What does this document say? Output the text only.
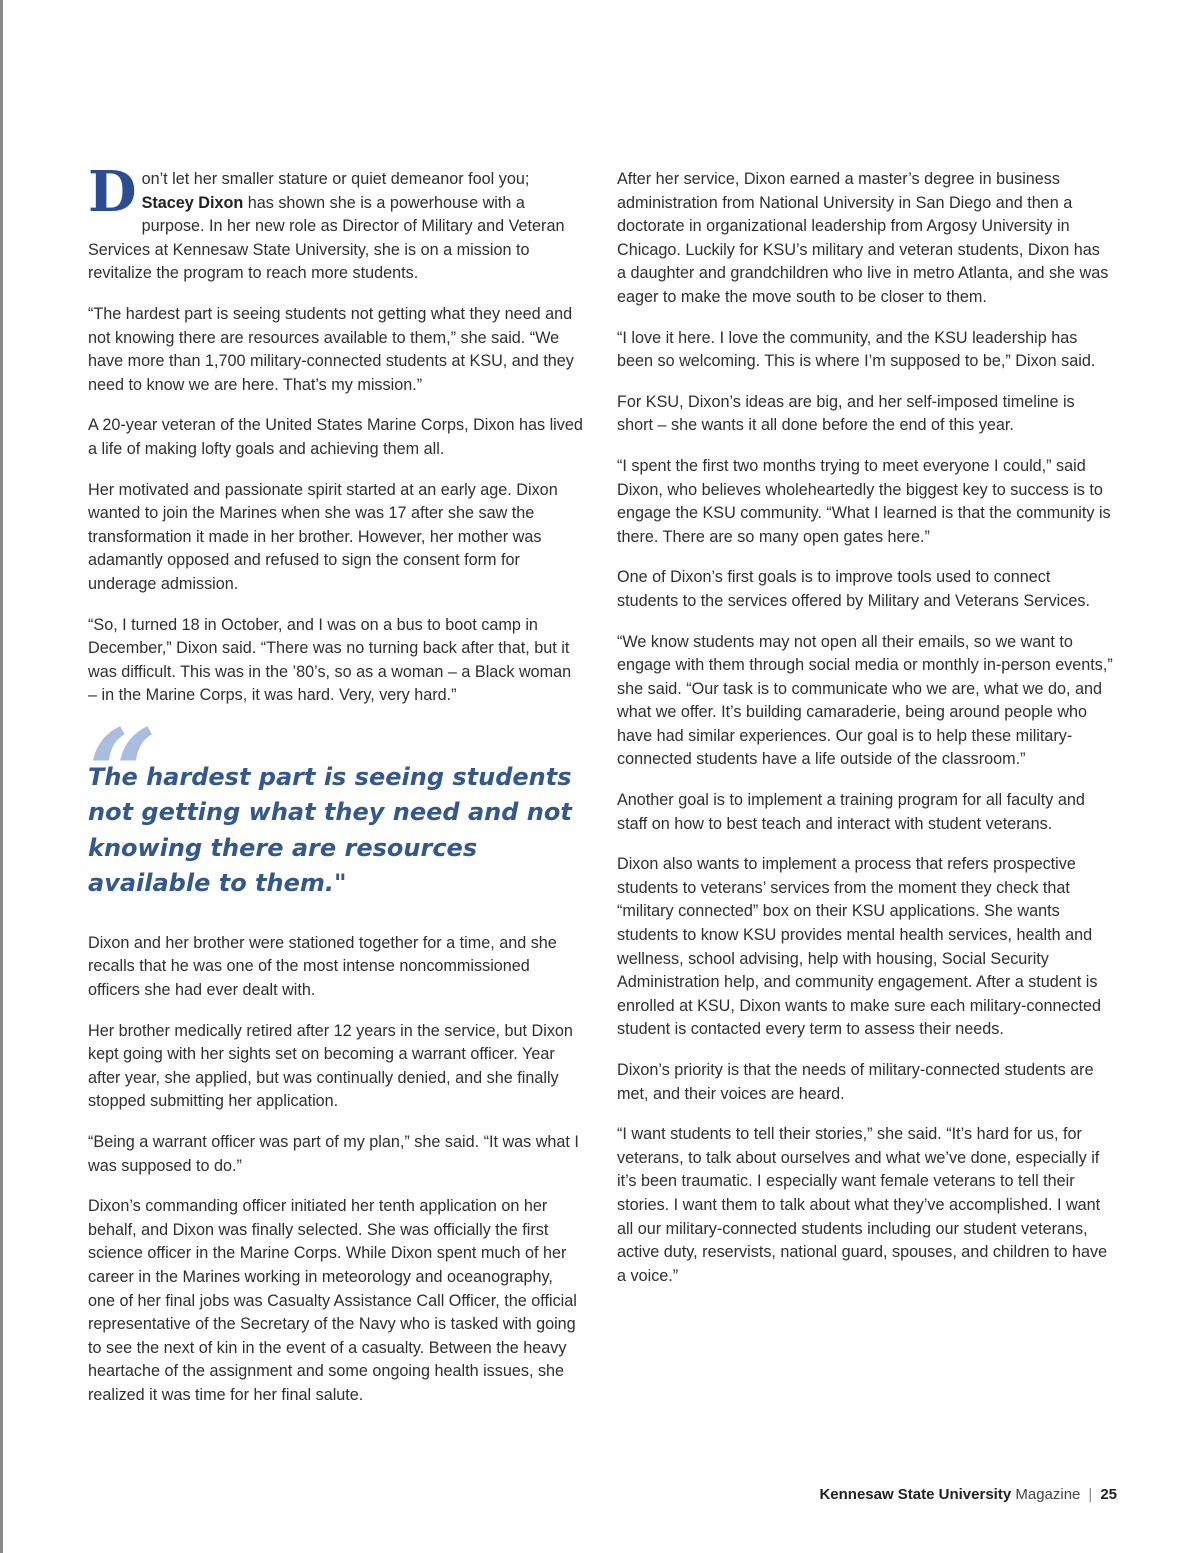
Don’t let her smaller stature or quiet demeanor fool you; Stacey Dixon has shown she is a powerhouse with a purpose. In her new role as Director of Military and Veteran Services at Kennesaw State University, she is on a mission to revitalize the program to reach more students.

“The hardest part is seeing students not getting what they need and not knowing there are resources available to them,” she said. “We have more than 1,700 military-connected students at KSU, and they need to know we are here. That’s my mission.”

A 20-year veteran of the United States Marine Corps, Dixon has lived a life of making lofty goals and achieving them all.

Her motivated and passionate spirit started at an early age. Dixon wanted to join the Marines when she was 17 after she saw the transformation it made in her brother. However, her mother was adamantly opposed and refused to sign the consent form for underage admission.

“So, I turned 18 in October, and I was on a bus to boot camp in December,” Dixon said. “There was no turning back after that, but it was difficult. This was in the ’80’s, so as a woman – a Black woman – in the Marine Corps, it was hard. Very, very hard.”

“

The hardest part is seeing students not getting what they need and not knowing there are resources available to them."

Dixon and her brother were stationed together for a time, and she recalls that he was one of the most intense noncommissioned officers she had ever dealt with.

Her brother medically retired after 12 years in the service, but Dixon kept going with her sights set on becoming a warrant officer. Year after year, she applied, but was continually denied, and she finally stopped submitting her application.

“Being a warrant officer was part of my plan,” she said. “It was what I was supposed to do.”

Dixon’s commanding officer initiated her tenth application on her behalf, and Dixon was finally selected. She was officially the first science officer in the Marine Corps. While Dixon spent much of her career in the Marines working in meteorology and oceanography, one of her final jobs was Casualty Assistance Call Officer, the official representative of the Secretary of the Navy who is tasked with going to see the next of kin in the event of a casualty. Between the heavy heartache of the assignment and some ongoing health issues, she realized it was time for her final salute.

After her service, Dixon earned a master’s degree in business administration from National University in San Diego and then a doctorate in organizational leadership from Argosy University in Chicago. Luckily for KSU’s military and veteran students, Dixon has a daughter and grandchildren who live in metro Atlanta, and she was eager to make the move south to be closer to them.

“I love it here. I love the community, and the KSU leadership has been so welcoming. This is where I’m supposed to be,” Dixon said.

For KSU, Dixon’s ideas are big, and her self-imposed timeline is short – she wants it all done before the end of this year.

“I spent the first two months trying to meet everyone I could,” said Dixon, who believes wholeheartedly the biggest key to success is to engage the KSU community. “What I learned is that the community is there. There are so many open gates here.”

One of Dixon’s first goals is to improve tools used to connect students to the services offered by Military and Veterans Services.

“We know students may not open all their emails, so we want to engage with them through social media or monthly in-person events,” she said. “Our task is to communicate who we are, what we do, and what we offer. It’s building camaraderie, being around people who have had similar experiences. Our goal is to help these military-connected students have a life outside of the classroom.”

Another goal is to implement a training program for all faculty and staff on how to best teach and interact with student veterans.

Dixon also wants to implement a process that refers prospective students to veterans’ services from the moment they check that “military connected” box on their KSU applications. She wants students to know KSU provides mental health services, health and wellness, school advising, help with housing, Social Security Administration help, and community engagement. After a student is enrolled at KSU, Dixon wants to make sure each military-connected student is contacted every term to assess their needs.

Dixon’s priority is that the needs of military-connected students are met, and their voices are heard.

“I want students to tell their stories,” she said. “It’s hard for us, for veterans, to talk about ourselves and what we’ve done, especially if it’s been traumatic. I especially want female veterans to tell their stories. I want them to talk about what they’ve accomplished. I want all our military-connected students including our student veterans, active duty, reservists, national guard, spouses, and children to have a voice.”

Kennesaw State University Magazine | 25
